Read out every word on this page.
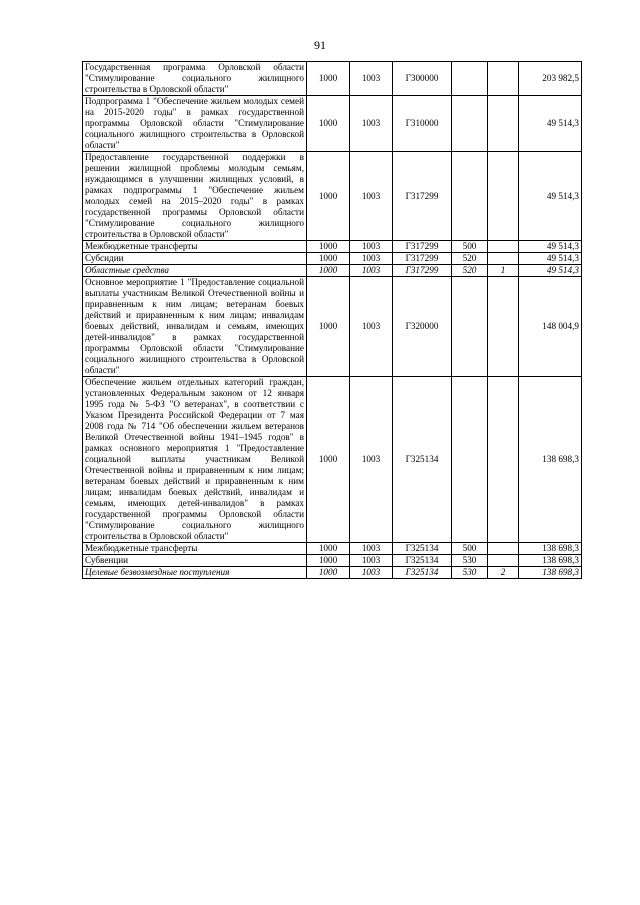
91
Государственная программа Орловской области "Стимулирование социального жилищного строительства в Орловской области"	1000	1003	Г300000			203 982,5
Подпрограмма 1 "Обеспечение жильем молодых семей на 2015-2020 годы" в рамках государственной программы Орловской области "Стимулирование социального жилищного строительства в Орловской области"	1000	1003	Г310000			49 514,3
Предоставление государственной поддержки в решении жилищной проблемы молодым семьям, нуждающимся в улучшении жилищных условий, в рамках подпрограммы 1 "Обеспечение жильем молодых семей на 2015–2020 годы" в рамках государственной программы Орловской области "Стимулирование социального жилищного строительства в Орловской области"	1000	1003	Г317299			49 514,3
Межбюджетные трансферты	1000	1003	Г317299	500		49 514,3
Субсидии	1000	1003	Г317299	520		49 514,3
Областные средства	1000	1003	Г317299	520	1	49 514,3
Основное мероприятие 1 "Предоставление социальной выплаты участникам Великой Отечественной войны и приравненным к ним лицам; ветеранам боевых действий и приравненным к ним лицам; инвалидам боевых действий, инвалидам и семьям, имеющих детей-инвалидов" в рамках государственной программы Орловской области "Стимулирование социального жилищного строительства в Орловской области"	1000	1003	Г320000			148 004,9
Обеспечение жильем отдельных категорий граждан, установленных Федеральным законом от 12 января 1995 года № 5-ФЗ "О ветеранах", в соответствии с Указом Президента Российской Федерации от 7 мая 2008 года № 714 "Об обеспечении жильем ветеранов Великой Отечественной войны 1941–1945 годов" в рамках основного мероприятия 1 "Предоставление социальной выплаты участникам Великой Отечественной войны и приравненным к ним лицам; ветеранам боевых действий и приравненным к ним лицам; инвалидам боевых действий, инвалидам и семьям, имеющих детей-инвалидов" в рамках государственной программы Орловской области "Стимулирование социального жилищного строительства в Орловской области"	1000	1003	Г325134			138 698,3
Межбюджетные трансферты	1000	1003	Г325134	500		138 698,3
Субвенции	1000	1003	Г325134	530		138 698,3
Целевые безвозмездные поступления	1000	1003	Г325134	530	2	138 698,3
